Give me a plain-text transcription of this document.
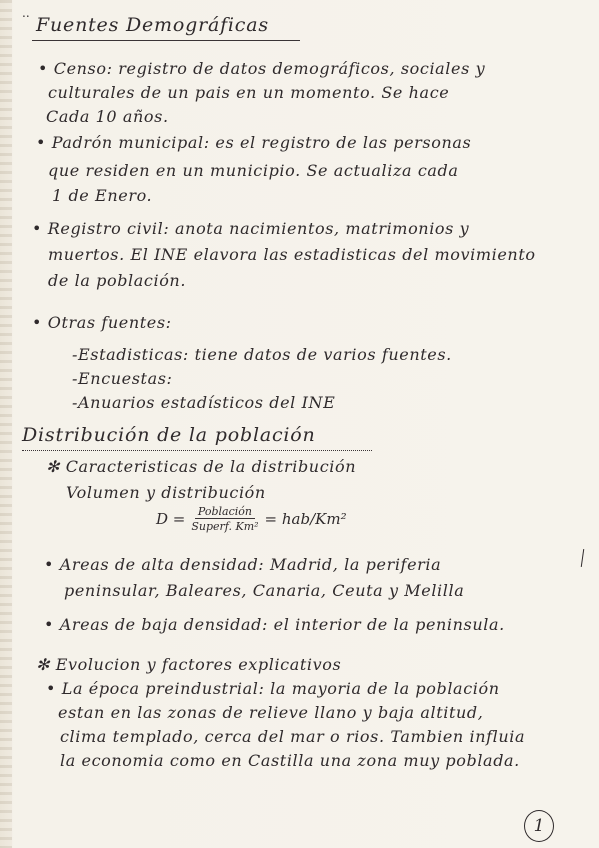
..
Fuentes Demográficas
• Censo: registro de datos demográficos, sociales y
culturales de un pais en un momento. Se hace
Cada 10 años.
• Padrón municipal: es el registro de las personas
que residen en un municipio. Se actualiza cada
1 de Enero.
• Registro civil: anota nacimientos, matrimonios y
muertos. El INE elavora las estadisticas del movimiento
de la población.
• Otras fuentes:
-Estadisticas: tiene datos de varios fuentes.
-Encuestas:
-Anuarios estadísticos del INE
Distribución de la población
✻ Caracteristicas de la distribución
Volumen y distribución
$D = \frac{\text{Población}}{\text{Superf. Km²}} = hab/Km^2$
• Areas de alta densidad: Madrid, la periferia
peninsular, Baleares, Canaria, Ceuta y Melilla
• Areas de baja densidad: el interior de la peninsula.
✻ Evolucion y factores explicativos
• La época preindustrial: la mayoria de la población
estan en las zonas de relieve llano y baja altitud,
clima templado, cerca del mar o rios. Tambien influia
la economia como en Castilla una zona muy poblada.
1
